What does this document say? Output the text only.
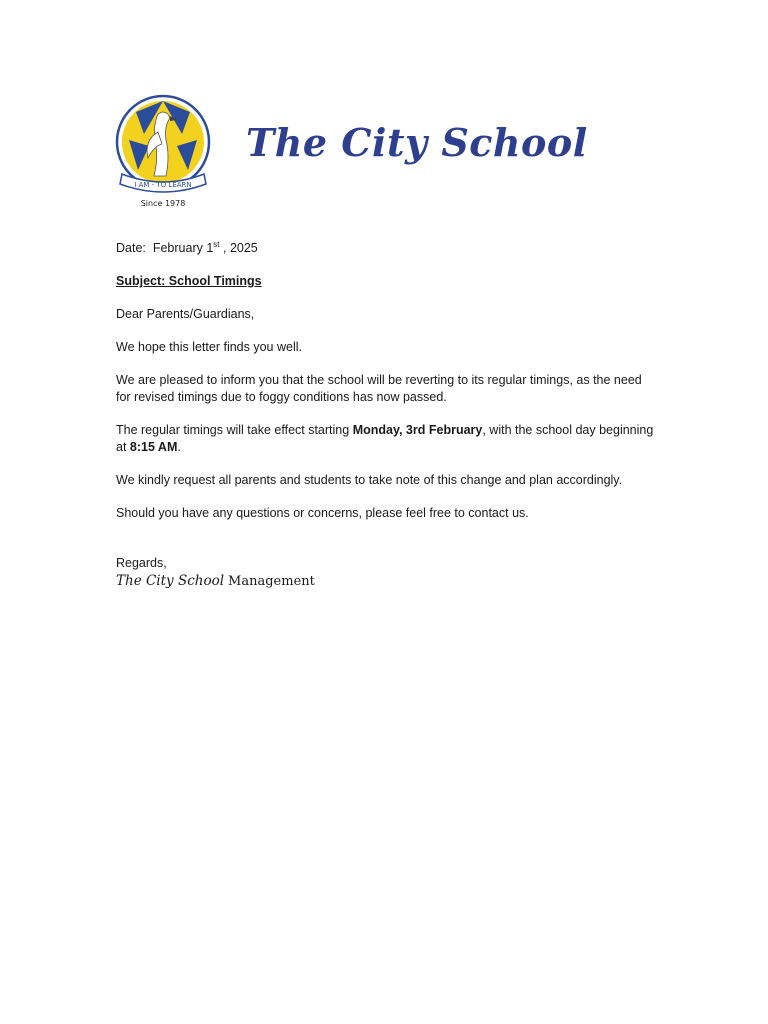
I AM - TO LEARN
Since 1978
The City School

Date: February 1st , 2025

Subject: School Timings

Dear Parents/Guardians,

We hope this letter finds you well.

We are pleased to inform you that the school will be reverting to its regular timings, as the need for revised timings due to foggy conditions has now passed.

The regular timings will take effect starting Monday, 3rd February, with the school day beginning at 8:15 AM.

We kindly request all parents and students to take note of this change and plan accordingly.

Should you have any questions or concerns, please feel free to contact us.

Regards,

The City School Management
